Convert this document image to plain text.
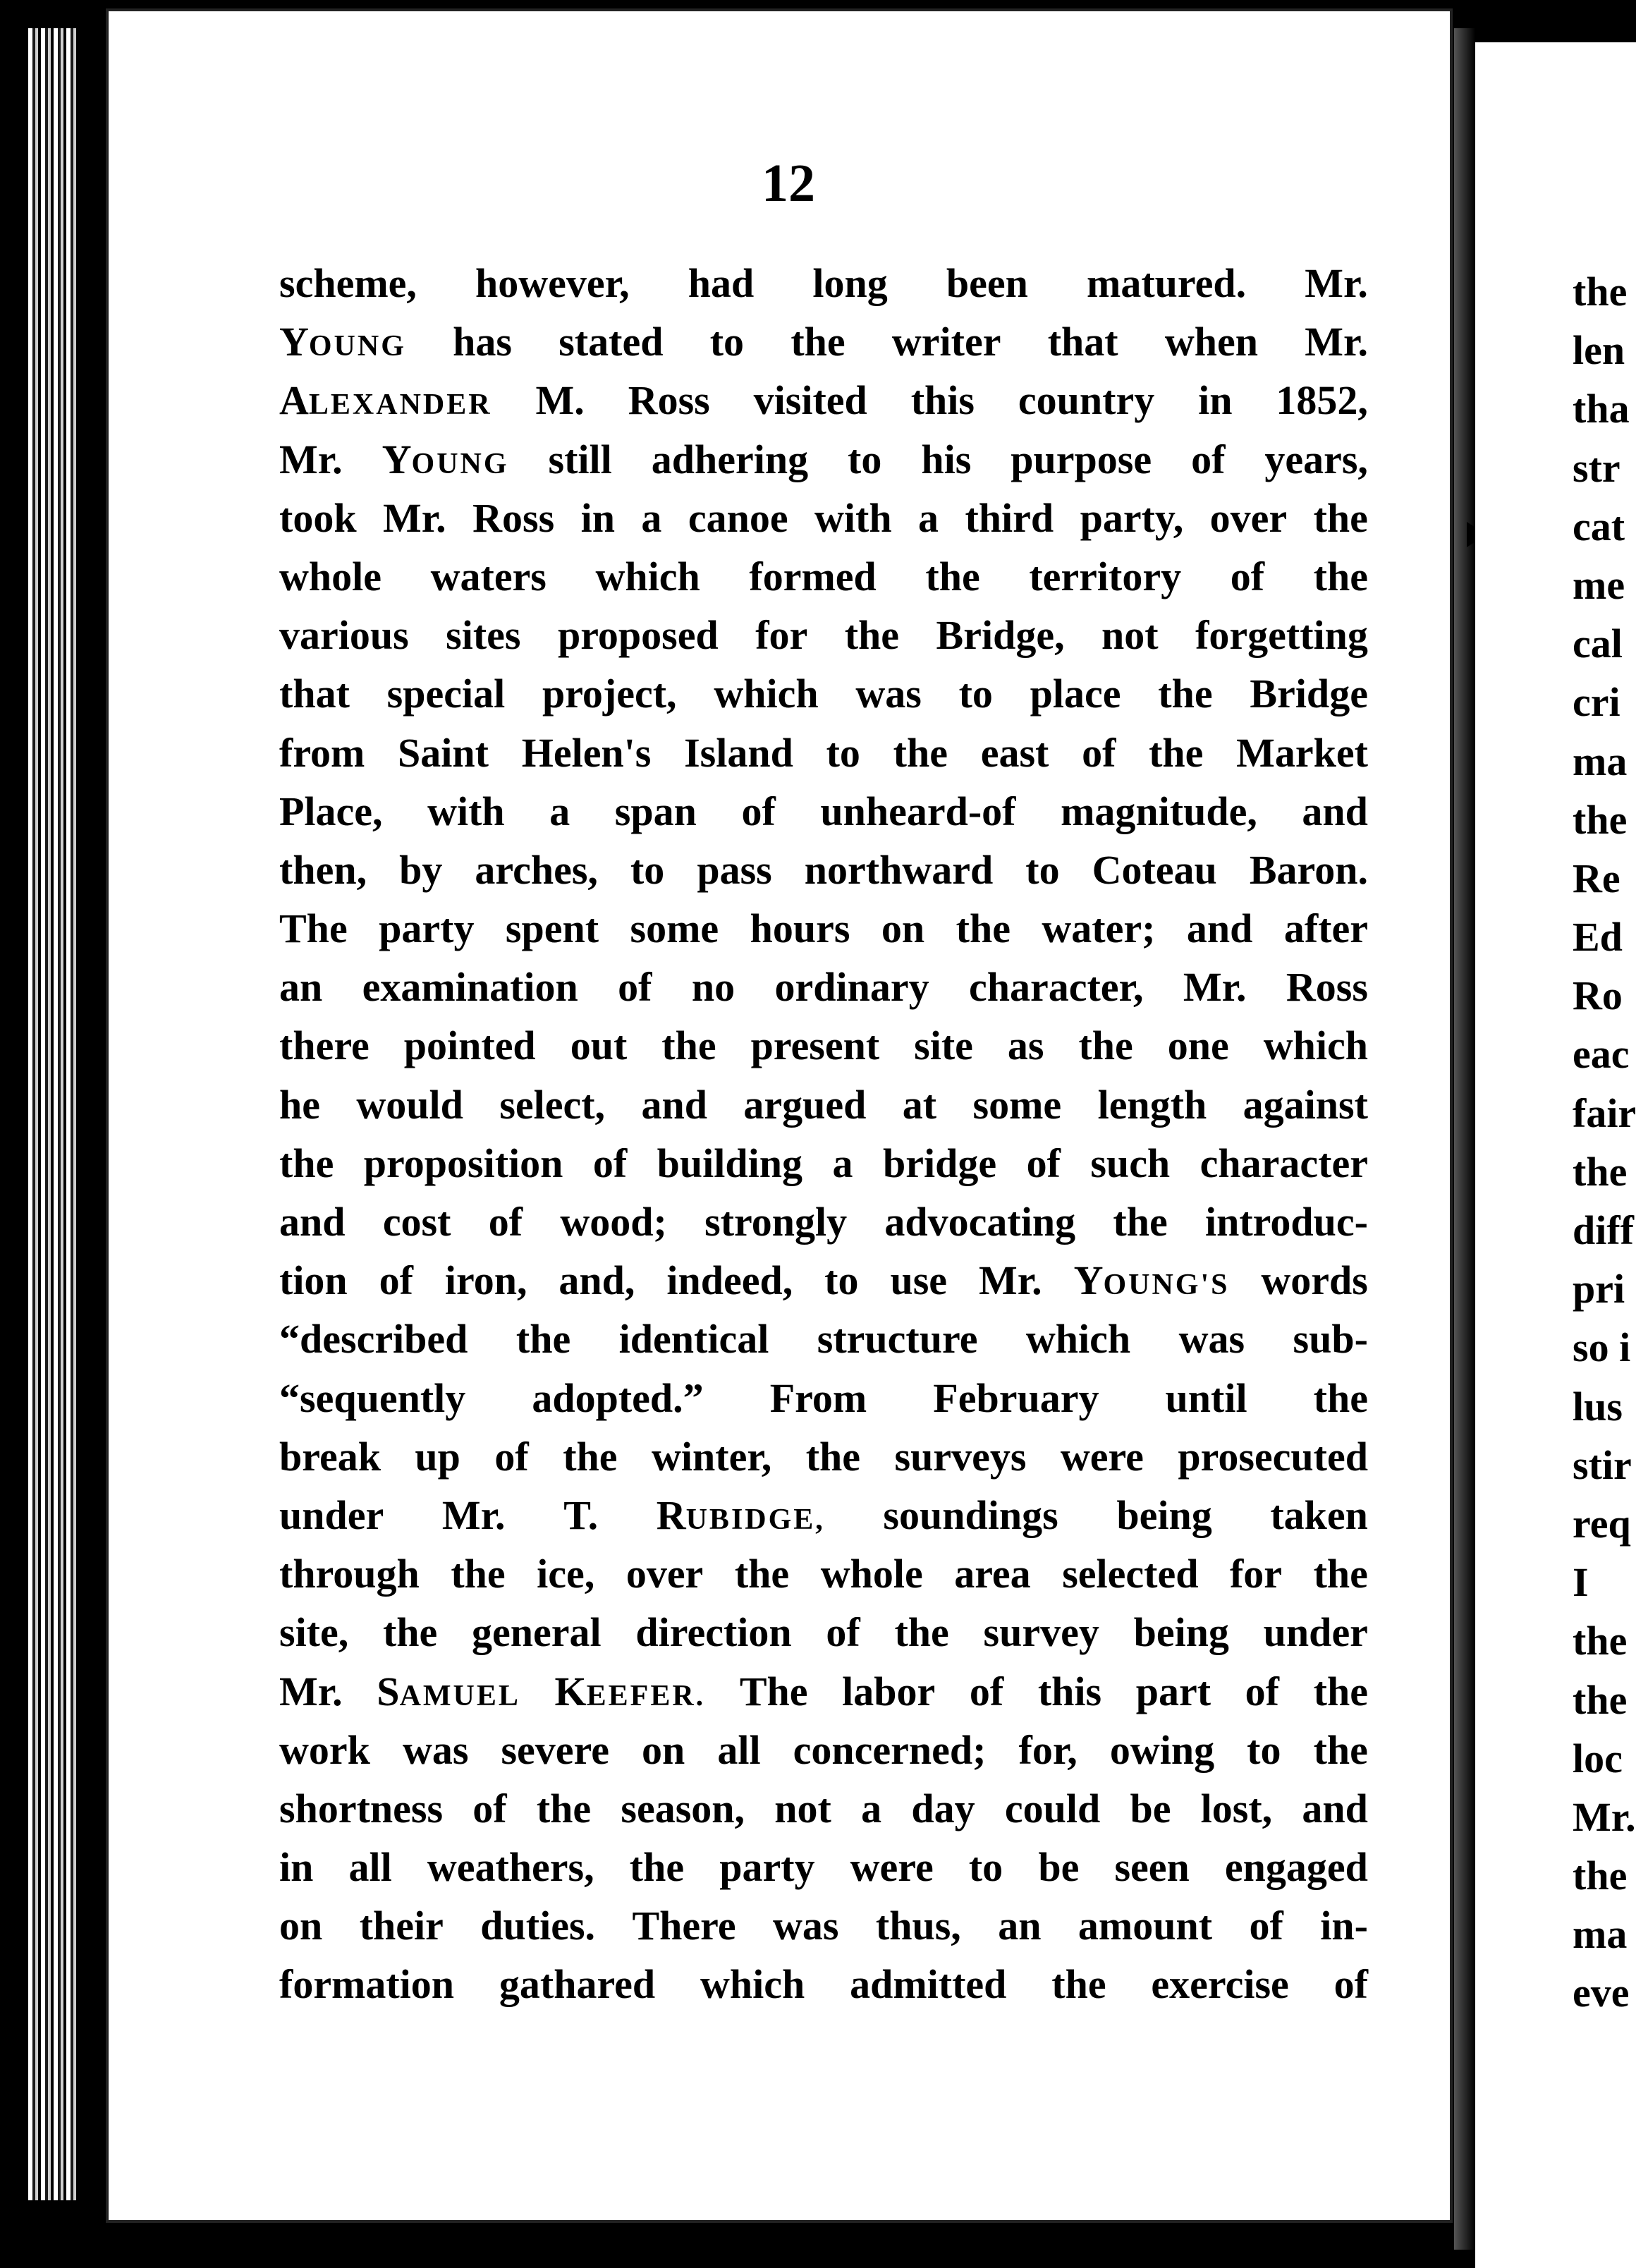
the
len
tha
str
cat
me
cal
cri
ma
the
Re
Ed
Ro
eac
fair
the
diff
pri
so i
lus
stir
req
I
the
the
loc
Mr.
the
ma
eve
12
scheme, however, had long been matured. Mr.
YOUNG has stated to the writer that when Mr.
ALEXANDER M. Ross visited this country in 1852,
Mr. YOUNG still adhering to his purpose of years,
took Mr. Ross in a canoe with a third party, over the
whole waters which formed the territory of the
various sites proposed for the Bridge, not forgetting
that special project, which was to place the Bridge
from Saint Helen's Island to the east of the Market
Place, with a span of unheard-of magnitude, and
then, by arches, to pass northward to Coteau Baron.
The party spent some hours on the water; and after
an examination of no ordinary character, Mr. Ross
there pointed out the present site as the one which
he would select, and argued at some length against
the proposition of building a bridge of such character
and cost of wood; strongly advocating the introduc-
tion of iron, and, indeed, to use Mr. YOUNG'S words
“described the identical structure which was sub-
“sequently adopted.” From February until the
break up of the winter, the surveys were prosecuted
under Mr. T. RUBIDGE, soundings being taken
through the ice, over the whole area selected for the
site, the general direction of the survey being under
Mr. SAMUEL KEEFER. The labor of this part of the
work was severe on all concerned; for, owing to the
shortness of the season, not a day could be lost, and
in all weathers, the party were to be seen engaged
on their duties. There was thus, an amount of in-
formation gathared which admitted the exercise of
